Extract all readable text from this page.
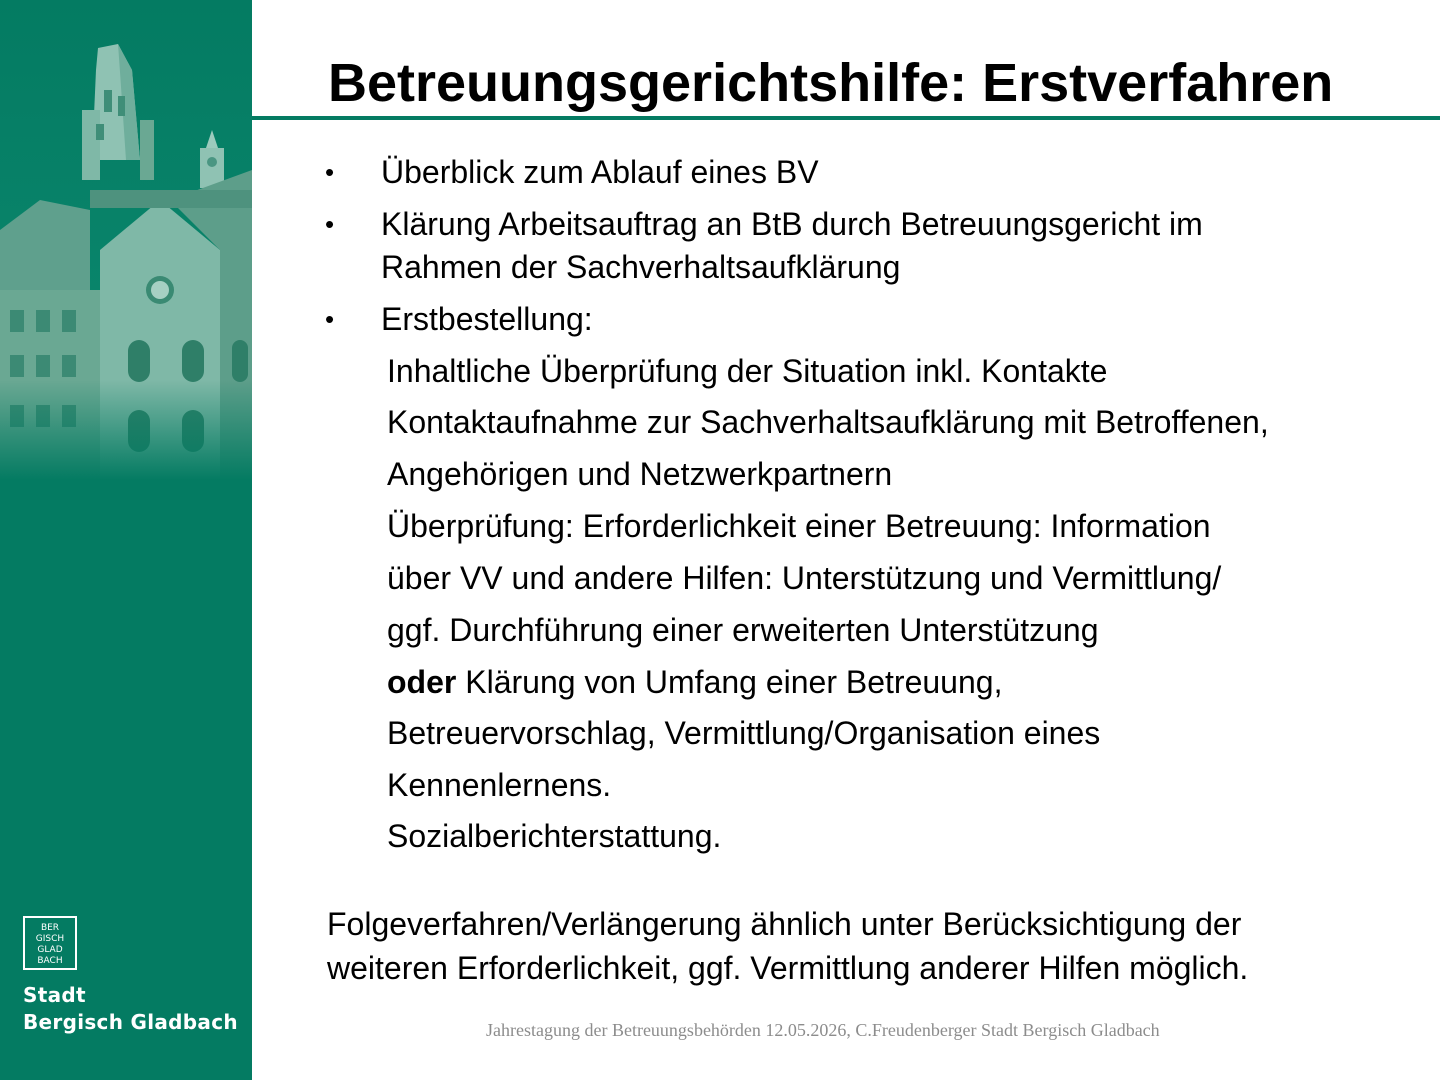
BER
GISCH
GLAD
BACH
Stadt
Bergisch Gladbach
Betreuungsgerichtshilfe: Erstverfahren
• Überblick zum Ablauf eines BV
• Klärung Arbeitsauftrag an BtB durch Betreuungsgericht im
Rahmen der Sachverhaltsaufklärung
• Erstbestellung:
Inhaltliche Überprüfung der Situation inkl. Kontakte
Kontaktaufnahme zur Sachverhaltsaufklärung mit Betroffenen,
Angehörigen und Netzwerkpartnern
Überprüfung: Erforderlichkeit einer Betreuung: Information
über VV und andere Hilfen: Unterstützung und Vermittlung/
ggf. Durchführung einer erweiterten Unterstützung
oder Klärung von Umfang einer Betreuung,
Betreuervorschlag, Vermittlung/Organisation eines
Kennenlernens.
Sozialberichterstattung.
Folgeverfahren/Verlängerung ähnlich unter Berücksichtigung der
weiteren Erforderlichkeit, ggf. Vermittlung anderer Hilfen möglich.
Jahrestagung der Betreuungsbehörden 12.05.2026, C.Freudenberger Stadt Bergisch Gladbach
